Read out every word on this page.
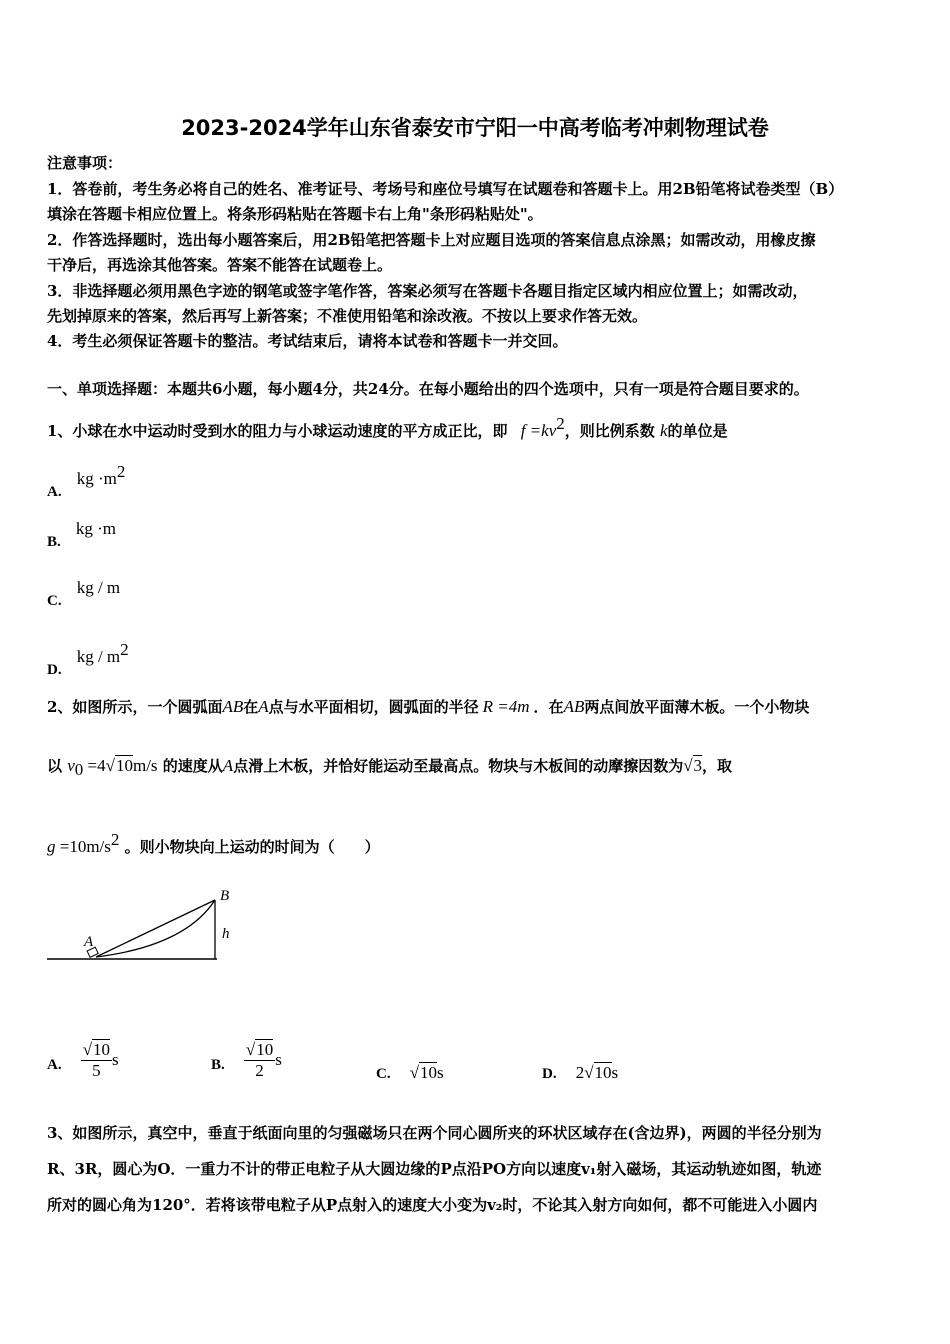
2023-2024学年山东省泰安市宁阳一中高考临考冲刺物理试卷
注意事项：
1．答卷前，考生务必将自己的姓名、准考证号、考场号和座位号填写在试题卷和答题卡上。用2B铅笔将试卷类型（B）
填涂在答题卡相应位置上。将条形码粘贴在答题卡右上角"条形码粘贴处"。
2．作答选择题时，选出每小题答案后，用2B铅笔把答题卡上对应题目选项的答案信息点涂黑；如需改动，用橡皮擦
干净后，再选涂其他答案。答案不能答在试题卷上。
3．非选择题必须用黑色字迹的钢笔或签字笔作答，答案必须写在答题卡各题目指定区域内相应位置上；如需改动，
先划掉原来的答案，然后再写上新答案；不准使用铅笔和涂改液。不按以上要求作答无效。
4．考生必须保证答题卡的整洁。考试结束后，请将本试卷和答题卡一并交回。
一、单项选择题：本题共6小题，每小题4分，共24分。在每小题给出的四个选项中，只有一项是符合题目要求的。
1、小球在水中运动时受到水的阻力与小球运动速度的平方成正比，即 $f =kv^2$，则比例系数 k的单位是
A. kg $\cdot m^2$
B. kg ·m
C. kg / m
D. kg / $m^2$
2、如图所示，一个圆弧面AB在A点与水平面相切，圆弧面的半径 R =4m ．在AB两点间放平面薄木板。一个小物块
以 $v_0 =4√10m/s$ 的速度从A点滑上木板，并恰好能运动至最高点。物块与木板间的动摩擦因数为√3，取
$g =10m/s^2$ 。则小物块向上运动的时间为（　　）
A
B
h
A. $\frac{√10}{5}$ s	B. $\frac{√10}{2}$ s
C. √10s	D. 2√10s
3、如图所示，真空中，垂直于纸面向里的匀强磁场只在两个同心圆所夹的环状区域存在(含边界)，两圆的半径分别为
R、3R，圆心为O．一重力不计的带正电粒子从大圆边缘的P点沿PO方向以速度v₁射入磁场，其运动轨迹如图，轨迹
所对的圆心角为120°．若将该带电粒子从P点射入的速度大小变为v₂时，不论其入射方向如何，都不可能进入小圆内
